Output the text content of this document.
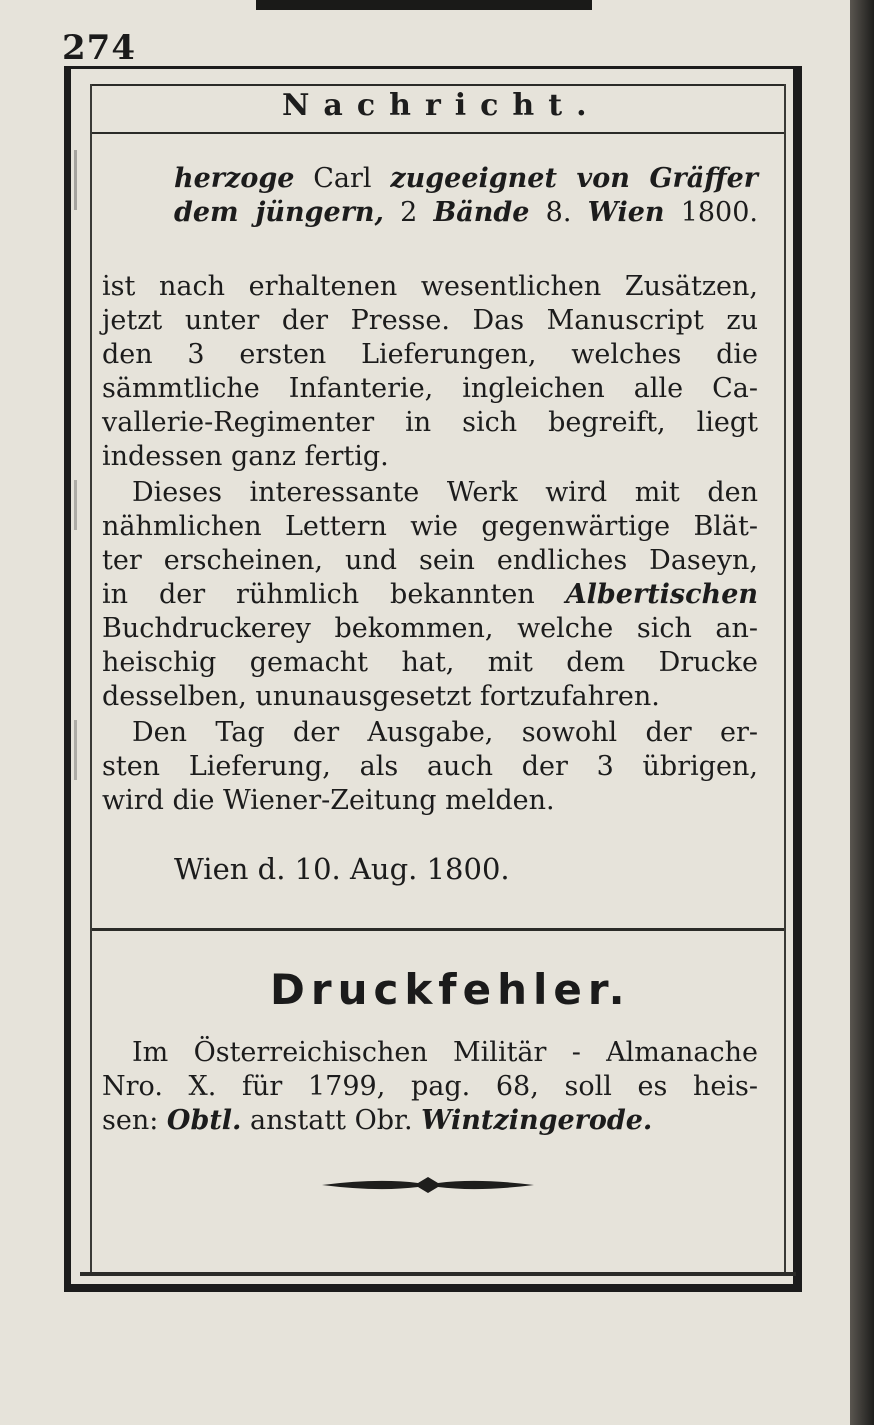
274
Nachricht.
herzoge Carl zugeeignet von Gräffer
dem jüngern, 2 Bände 8. Wien 1800.
ist nach erhaltenen wesentlichen Zusätzen,
jetzt unter der Presse. Das Manuscript zu
den 3 ersten Lieferungen, welches die
sämmtliche Infanterie, ingleichen alle Ca-
vallerie-Regimenter in sich begreift, liegt
indessen ganz fertig.
Dieses interessante Werk wird mit den
nähmlichen Lettern wie gegenwärtige Blät-
ter erscheinen, und sein endliches Daseyn,
in der rühmlich bekannten Albertischen
Buchdruckerey bekommen, welche sich an-
heischig gemacht hat, mit dem Drucke
desselben, ununausgesetzt fortzufahren.
Den Tag der Ausgabe, sowohl der er-
sten Lieferung, als auch der 3 übrigen,
wird die Wiener-Zeitung melden.
Wien d. 10. Aug. 1800.
Druckfehler.
Im Österreichischen Militär - Almanache
Nro. X. für 1799, pag. 68, soll es heis-
sen: Obtl. anstatt Obr. Wintzingerode.
